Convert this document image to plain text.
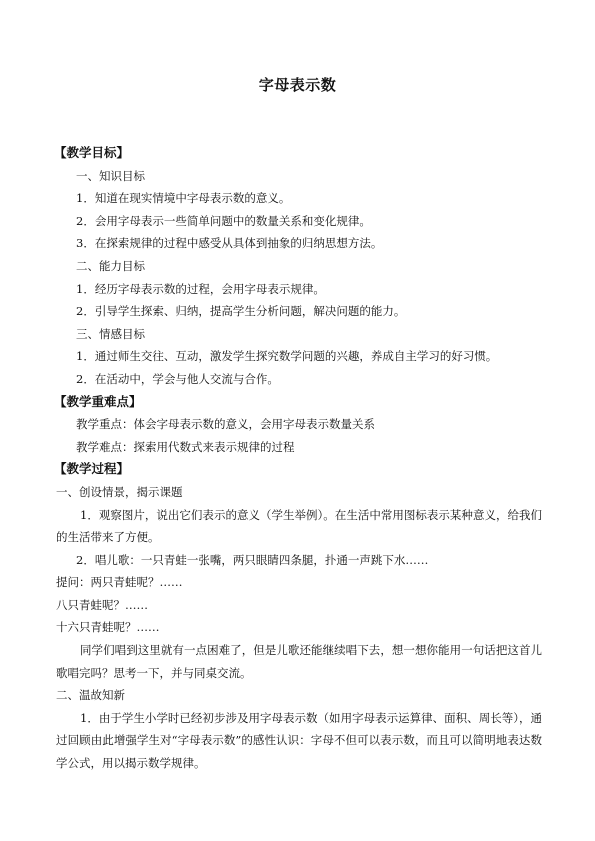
字母表示数
【教学目标】
一、知识目标
1．知道在现实情境中字母表示数的意义。
2．会用字母表示一些简单问题中的数量关系和变化规律。
3．在探索规律的过程中感受从具体到抽象的归纳思想方法。
二、能力目标
1．经历字母表示数的过程，会用字母表示规律。
2．引导学生探索、归纳，提高学生分析问题，解决问题的能力。
三、情感目标
1．通过师生交往、互动，激发学生探究数学问题的兴趣，养成自主学习的好习惯。
2．在活动中，学会与他人交流与合作。
【教学重难点】
教学重点：体会字母表示数的意义，会用字母表示数量关系
教学难点：探索用代数式来表示规律的过程
【教学过程】
一、创设情景，揭示课题
1．观察图片，说出它们表示的意义（学生举例）。在生活中常用图标表示某种意义，给我们的生活带来了方便。
2．唱儿歌：一只青蛙一张嘴，两只眼睛四条腿，扑通一声跳下水……
提问：两只青蛙呢？……
八只青蛙呢？……
十六只青蛙呢？……
同学们唱到这里就有一点困难了，但是儿歌还能继续唱下去，想一想你能用一句话把这首儿歌唱完吗？思考一下，并与同桌交流。
二、温故知新
1．由于学生小学时已经初步涉及用字母表示数（如用字母表示运算律、面积、周长等），通过回顾由此增强学生对“字母表示数”的感性认识：字母不但可以表示数，而且可以简明地表达数学公式，用以揭示数学规律。
